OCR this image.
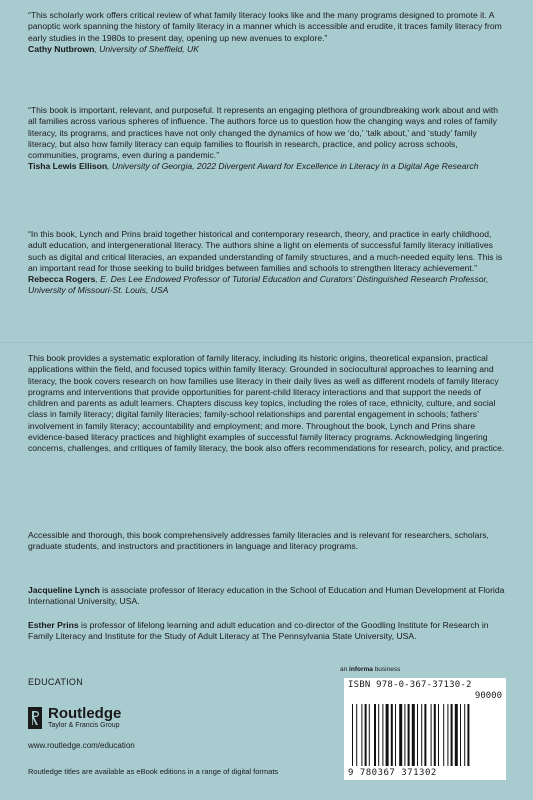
“This scholarly work offers critical review of what family literacy looks like and the many programs designed to promote it. A panoptic work spanning the history of family literacy in a manner which is accessible and erudite, it traces family literacy from early studies in the 1980s to present day, opening up new avenues to explore.”

Cathy Nutbrown, University of Sheffield, UK

“This book is important, relevant, and purposeful. It represents an engaging plethora of groundbreaking work about and with all families across various spheres of influence. The authors force us to question how the changing ways and roles of family literacy, its programs, and practices have not only changed the dynamics of how we ‘do,’ ‘talk about,’ and ‘study’ family literacy, but also how family literacy can equip families to flourish in research, practice, and policy across schools, communities, programs, even during a pandemic.”

Tisha Lewis Ellison, University of Georgia, 2022 Divergent Award for Excellence in Literacy in a Digital Age Research

“In this book, Lynch and Prins braid together historical and contemporary research, theory, and practice in early childhood, adult education, and intergenerational literacy. The authors shine a light on elements of successful family literacy initiatives such as digital and critical literacies, an expanded understanding of family structures, and a much-needed equity lens. This is an important read for those seeking to build bridges between families and schools to strengthen literacy achievement.”

Rebecca Rogers, E. Des Lee Endowed Professor of Tutorial Education and Curators’ Distinguished Research Professor, University of Missouri-St. Louis, USA

This book provides a systematic exploration of family literacy, including its historic origins, theoretical expansion, practical applications within the field, and focused topics within family literacy. Grounded in sociocultural approaches to learning and literacy, the book covers research on how families use literacy in their daily lives as well as different models of family literacy programs and interventions that provide opportunities for parent-child literacy interactions and that support the needs of children and parents as adult learners. Chapters discuss key topics, including the roles of race, ethnicity, culture, and social class in family literacy; digital family literacies; family-school relationships and parental engagement in schools; fathers’ involvement in family literacy; accountability and employment; and more. Throughout the book, Lynch and Prins share evidence-based literacy practices and highlight examples of successful family literacy programs. Acknowledging lingering concerns, challenges, and critiques of family literacy, the book also offers recommendations for research, policy, and practice.

Accessible and thorough, this book comprehensively addresses family literacies and is relevant for researchers, scholars, graduate students, and instructors and practitioners in language and literacy programs.

Jacqueline Lynch is associate professor of literacy education in the School of Education and Human Development at Florida International University, USA.
Esther Prins is professor of lifelong learning and adult education and co-director of the Goodling Institute for Research in Family Literacy and Institute for the Study of Adult Literacy at The Pennsylvania State University, USA.
EDUCATION
Routledge
Taylor & Francis Group
www.routledge.com/education
Routledge titles are available as eBook editions in a range of digital formats
an informa business
ISBN 978-0-367-37130-2
90000
9 780367 371302
